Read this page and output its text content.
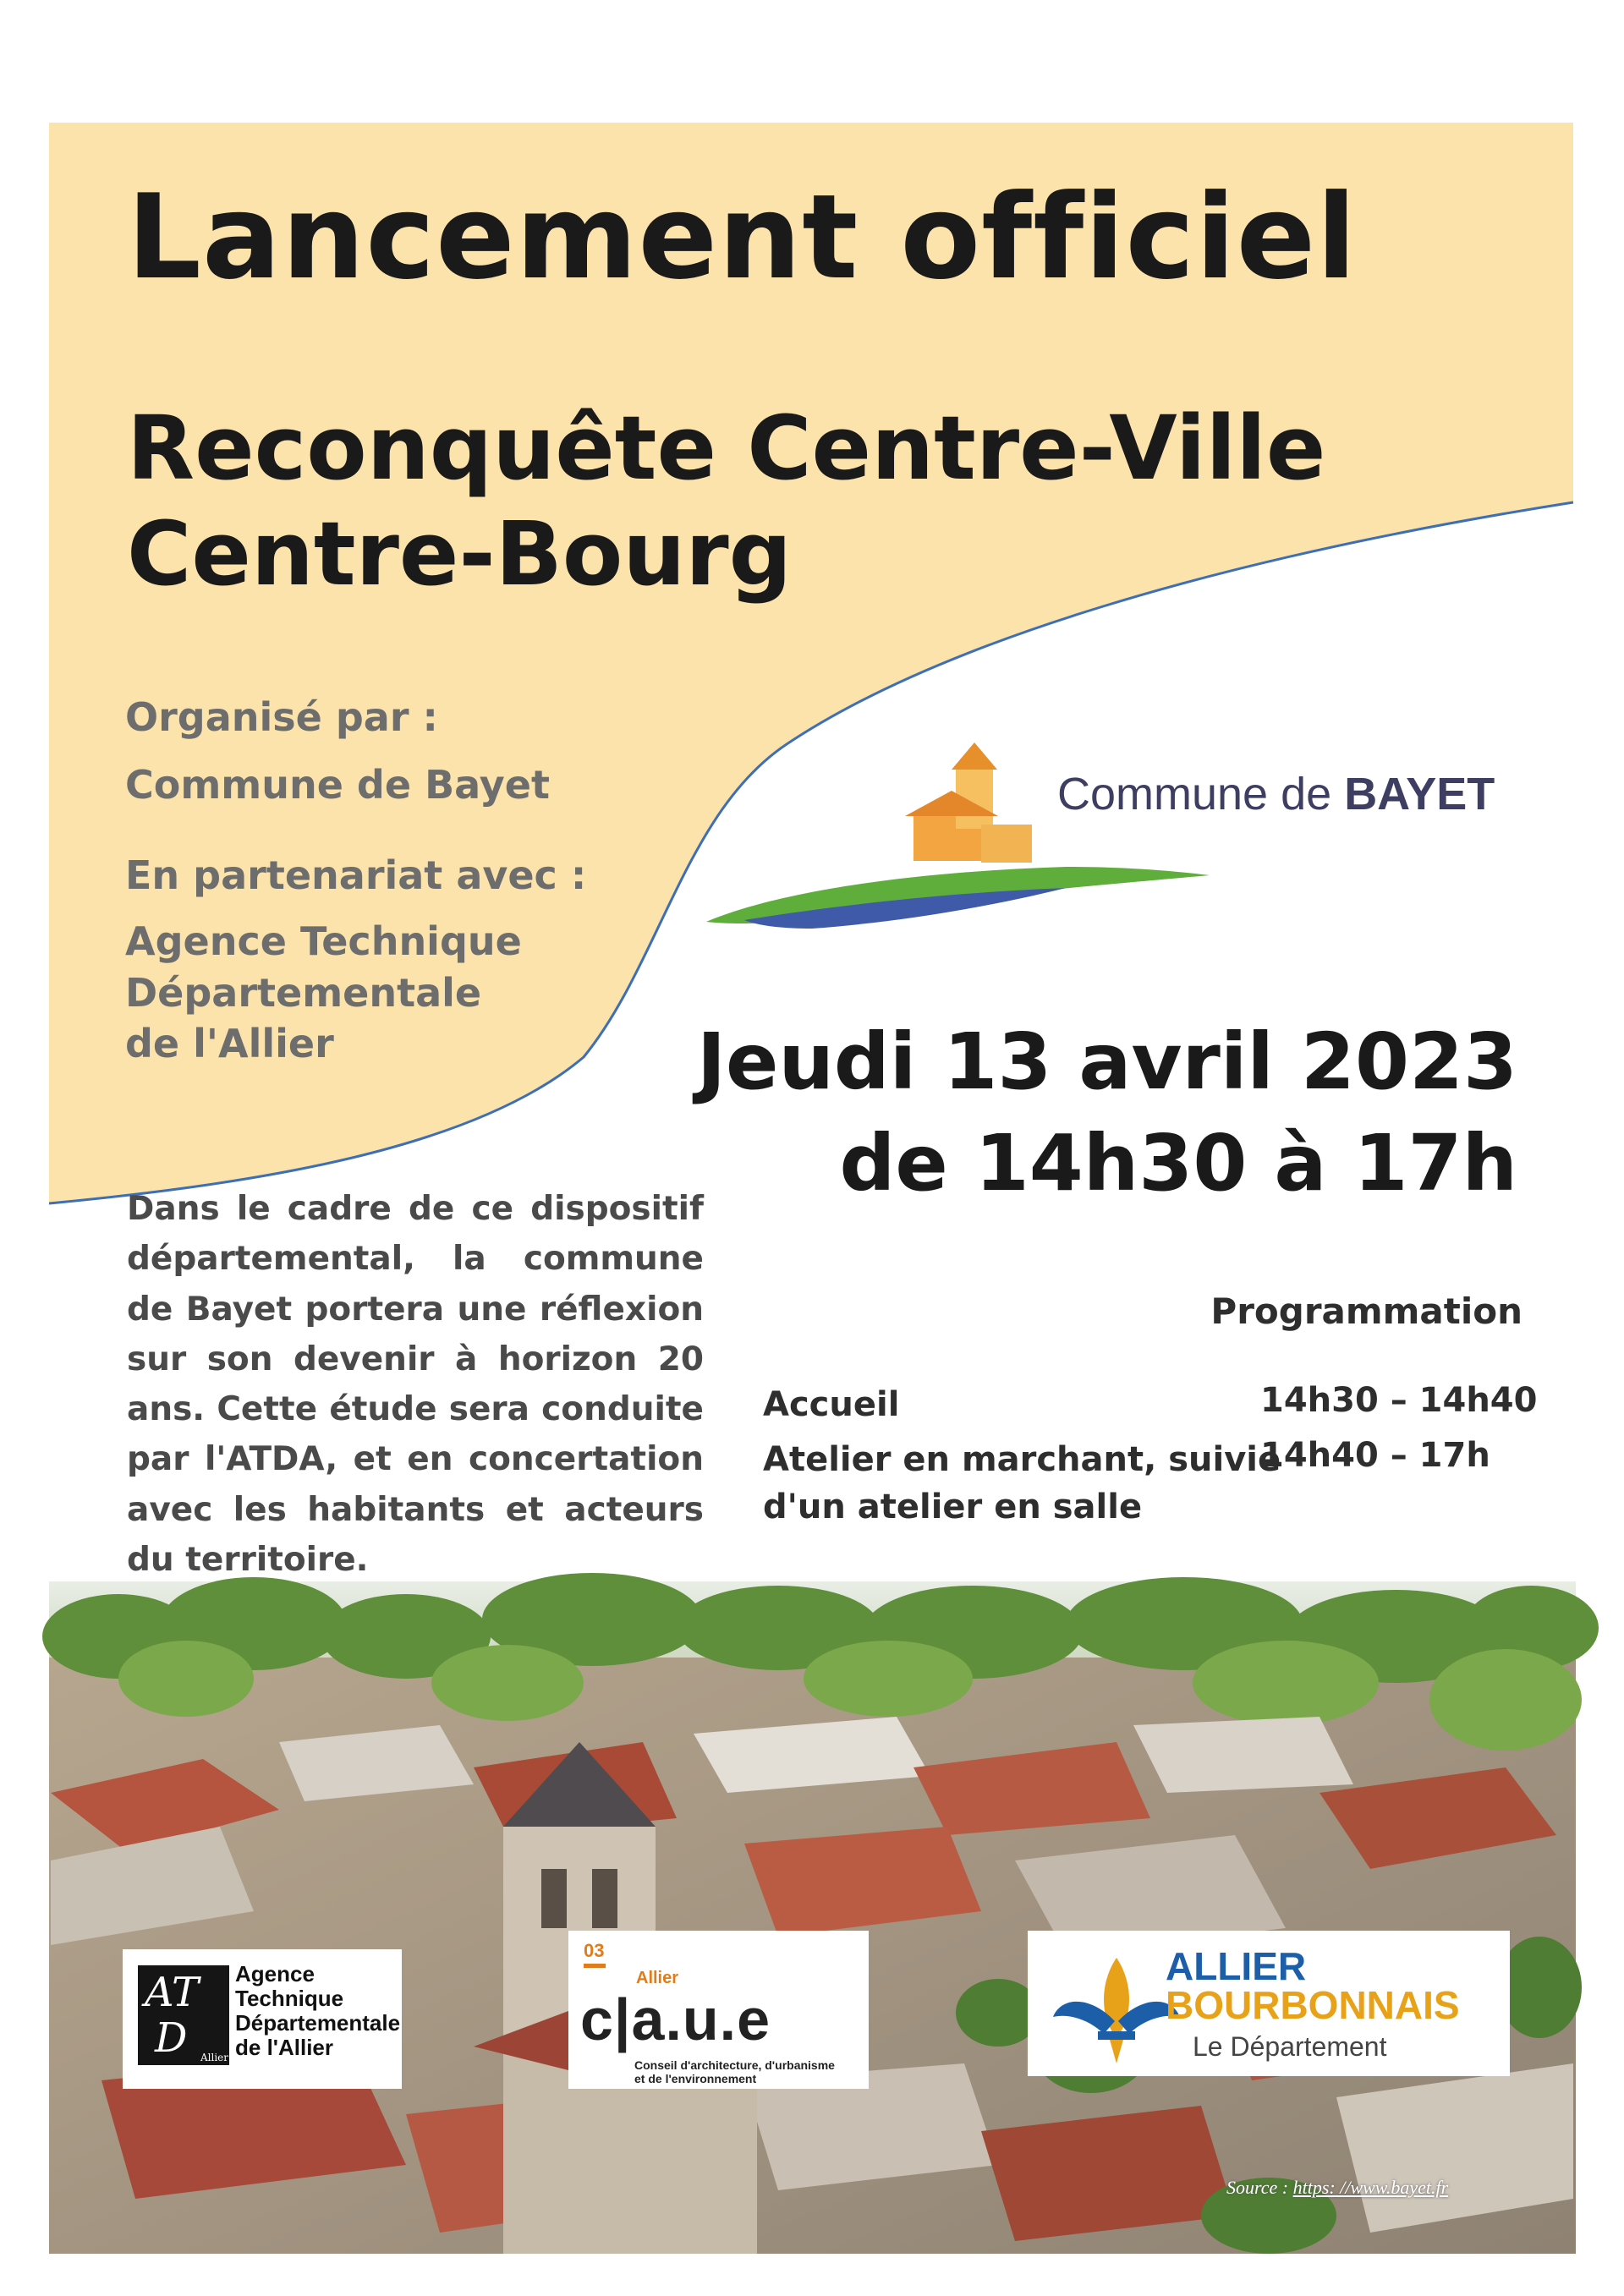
Lancement officiel
Reconquête Centre-Ville
Centre-Bourg
Organisé par :
Commune de Bayet
En partenariat avec :
Agence Technique
Départementale
de l'Allier
Commune de BAYET
Jeudi 13 avril 2023
de 14h30 à 17h
Dans le cadre de ce dispositif départemental, la commune de Bayet portera une réflexion sur son devenir à horizon 20 ans. Cette étude sera conduite par l'ATDA, et en concertation avec les habitants et acteurs du territoire.
Programmation
Accueil	14h30 – 14h40
Atelier en marchant, suivie
d'un atelier en salle
14h40 – 17h
AT
D Allier
Agence
Technique
Départementale
de l'Allier
03
Allier
c|a.u.e
Conseil d'architecture, d'urbanisme
et de l'environnement
ALLIER
BOURBONNAIS
Le Département
Source : https: //www.bayet.fr
